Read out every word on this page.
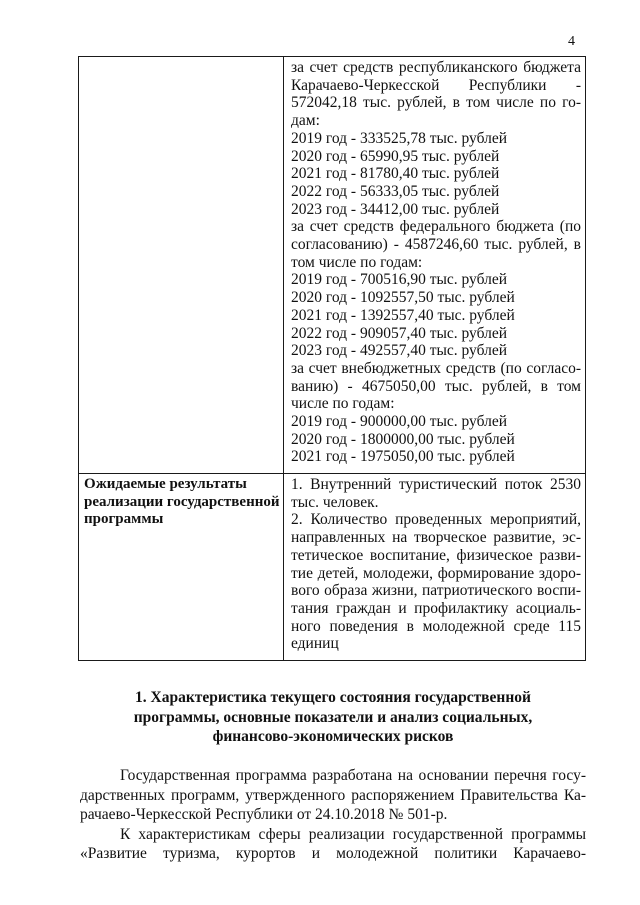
4
за счет средств республиканского бюджета
Карачаево-Черкесской Республики -
572042,18 тыс. рублей, в том числе по го-
дам:
2019 год - 333525,78 тыс. рублей
2020 год - 65990,95 тыс. рублей
2021 год - 81780,40 тыс. рублей
2022 год - 56333,05 тыс. рублей
2023 год - 34412,00 тыс. рублей
за счет средств федерального бюджета (по
согласованию) - 4587246,60 тыс. рублей, в
том числе по годам:
2019 год - 700516,90 тыс. рублей
2020 год - 1092557,50 тыс. рублей
2021 год - 1392557,40 тыс. рублей
2022 год - 909057,40 тыс. рублей
2023 год - 492557,40 тыс. рублей
за счет внебюджетных средств (по согласо-
ванию) - 4675050,00 тыс. рублей, в том
числе по годам:
2019 год - 900000,00 тыс. рублей
2020 год - 1800000,00 тыс. рублей
2021 год - 1975050,00 тыс. рублей
Ожидаемые результаты
реализации государственной
программы
1. Внутренний туристический поток 2530
тыс. человек.
2. Количество проведенных мероприятий,
направленных на творческое развитие, эс-
тетическое воспитание, физическое разви-
тие детей, молодежи, формирование здоро-
вого образа жизни, патриотического воспи-
тания граждан и профилактику асоциаль-
ного поведения в молодежной среде 115
единиц
1. Характеристика текущего состояния государственной
программы, основные показатели и анализ социальных,
финансово-экономических рисков
Государственная программа разработана на основании перечня госу-
дарственных программ, утвержденного распоряжением Правительства Ка-
рачаево-Черкесской Республики от 24.10.2018 № 501-р.
К характеристикам сферы реализации государственной программы
«Развитие туризма, курортов и молодежной политики Карачаево-
